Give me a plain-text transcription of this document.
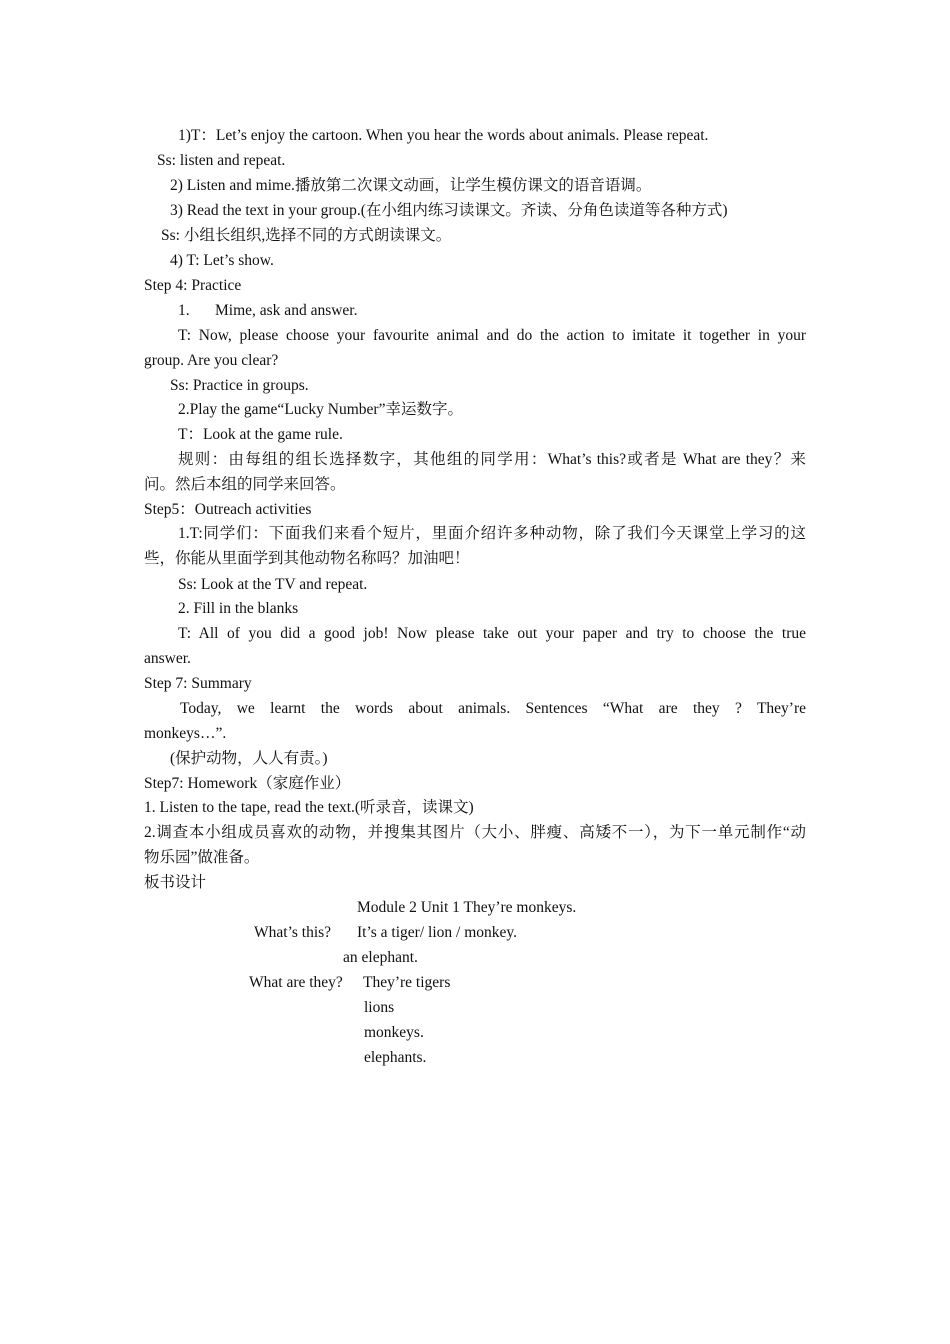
1)T：Let’s enjoy the cartoon. When you hear the words about animals. Please repeat.
Ss: listen and repeat.
2) Listen and mime.播放第二次课文动画，让学生模仿课文的语音语调。
3) Read the text in your group.(在小组内练习读课文。齐读、分角色读道等各种方式)
Ss: 小组长组织,选择不同的方式朗读课文。
4) T: Let’s show.
Step 4: Practice
1. Mime, ask and answer.
T: Now, please choose your favourite animal and do the action to imitate it together in your
group. Are you clear?
Ss: Practice in groups.
2.Play the game“Lucky Number”幸运数字。
T：Look at the game rule.
规则：由每组的组长选择数字，其他组的同学用：What’s this?或者是 What are they？来
问。然后本组的同学来回答。
Step5：Outreach activities
1.T:同学们：下面我们来看个短片，里面介绍许多种动物，除了我们今天课堂上学习的这
些，你能从里面学到其他动物名称吗？加油吧！
Ss: Look at the TV and repeat.
2. Fill in the blanks
T: All of you did a good job! Now please take out your paper and try to choose the true
answer.
Step 7: Summary
Today, we learnt the words about animals. Sentences “What are they ? They’re
monkeys…”.
(保护动物，人人有责。)
Step7: Homework（家庭作业）
1. Listen to the tape, read the text.(听录音，读课文)
2.调查本小组成员喜欢的动物，并搜集其图片（大小、胖瘦、高矮不一），为下一单元制作“动
物乐园”做准备。
板书设计
Module 2 Unit 1 They’re monkeys.
What’s this? It’s a tiger/ lion / monkey.
an elephant.
What are they? They’re tigers
lions
monkeys.
elephants.
